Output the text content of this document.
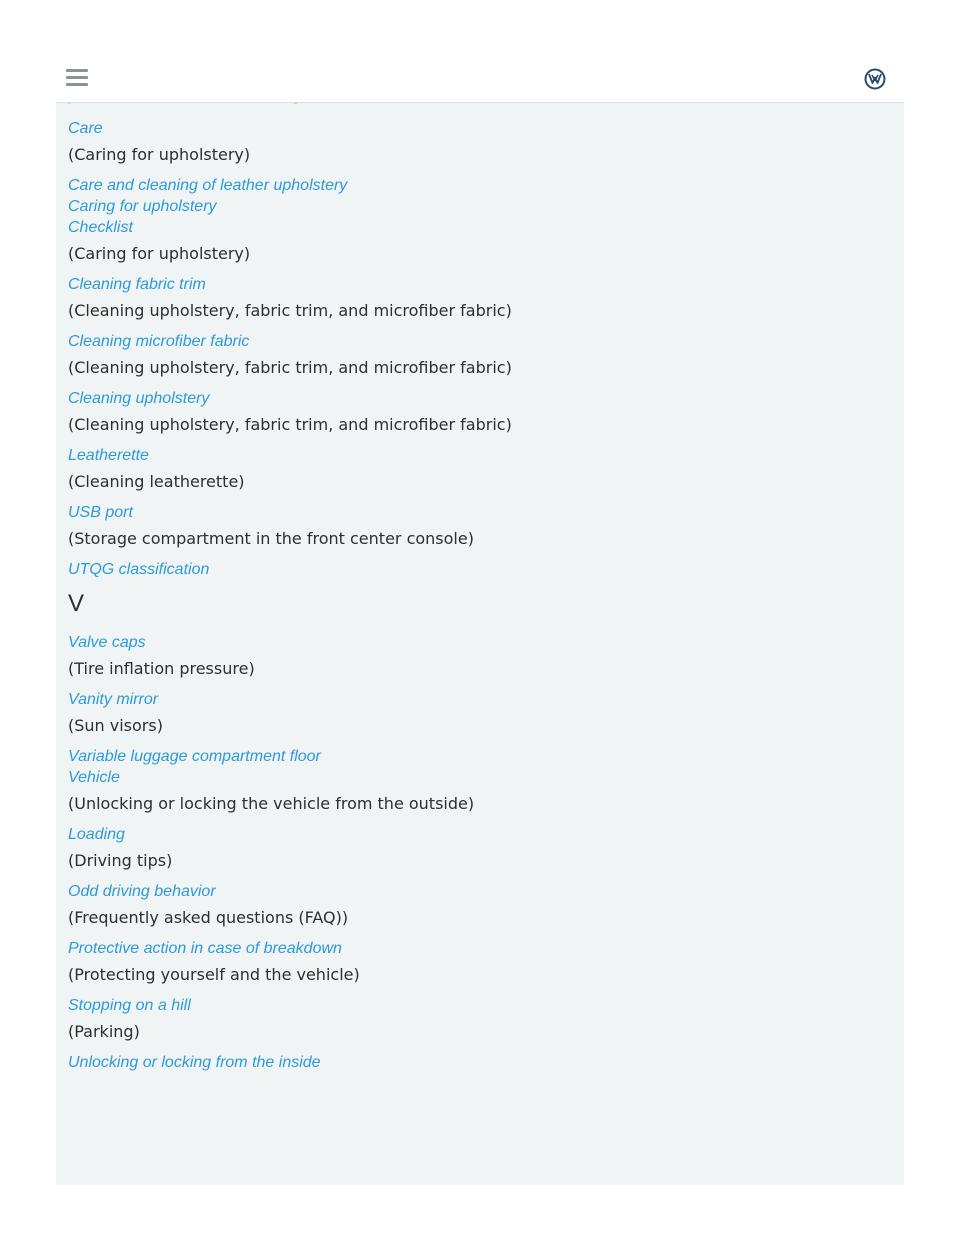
Care
(Caring for upholstery)
Care and cleaning of leather upholstery
Caring for upholstery
Checklist
(Caring for upholstery)
Cleaning fabric trim
(Cleaning upholstery, fabric trim, and microfiber fabric)
Cleaning microfiber fabric
(Cleaning upholstery, fabric trim, and microfiber fabric)
Cleaning upholstery
(Cleaning upholstery, fabric trim, and microfiber fabric)
Leatherette
(Cleaning leatherette)
USB port
(Storage compartment in the front center console)
UTQG classification
V
Valve caps
(Tire inflation pressure)
Vanity mirror
(Sun visors)
Variable luggage compartment floor
Vehicle
(Unlocking or locking the vehicle from the outside)
Loading
(Driving tips)
Odd driving behavior
(Frequently asked questions (FAQ))
Protective action in case of breakdown
(Protecting yourself and the vehicle)
Stopping on a hill
(Parking)
Unlocking or locking from the inside
